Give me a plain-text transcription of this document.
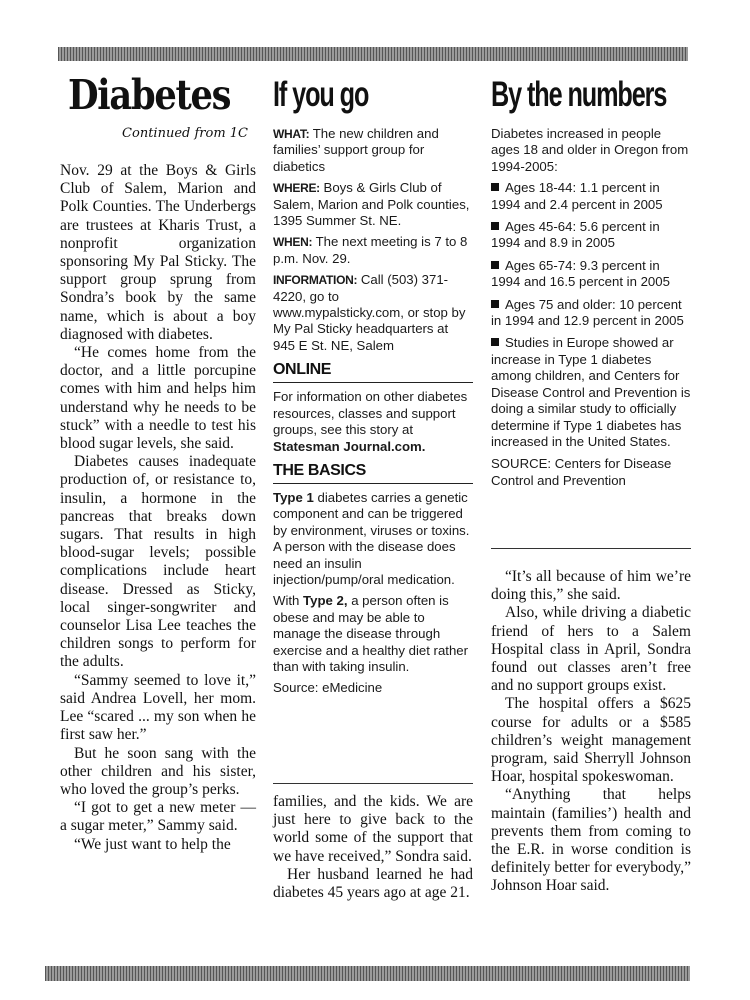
Diabetes
Continued from 1C

Nov. 29 at the Boys & Girls Club of Salem, Marion and Polk Counties. The Underbergs are trustees at Kharis Trust, a nonprofit organization sponsoring My Pal Sticky. The support group sprung from Sondra’s book by the same name, which is about a boy diagnosed with diabetes.

“He comes home from the doctor, and a little porcupine comes with him and helps him understand why he needs to be stuck” with a needle to test his blood sugar levels, she said.

Diabetes causes inadequate production of, or resistance to, insulin, a hormone in the pancreas that breaks down sugars. That results in high blood-sugar levels; possible complications include heart disease. Dressed as Sticky, local singer-songwriter and counselor Lisa Lee teaches the children songs to perform for the adults.

“Sammy seemed to love it,” said Andrea Lovell, her mom. Lee “scared ... my son when he first saw her.”

But he soon sang with the other children and his sister, who loved the group’s perks.

“I got to get a new meter — a sugar meter,” Sammy said.

“We just want to help the

If you go

WHAT: The new children and families’ support group for diabetics

WHERE: Boys & Girls Club of Salem, Marion and Polk counties, 1395 Summer St. NE.

WHEN: The next meeting is 7 to 8 p.m. Nov. 29.

INFORMATION: Call (503) 371-4220, go to www.mypalsticky.com, or stop by My Pal Sticky headquarters at 945 E St. NE, Salem

ONLINE

For information on other diabetes resources, classes and support groups, see this story at Statesman Journal.com.

THE BASICS

Type 1 diabetes carries a genetic component and can be triggered by environment, viruses or toxins. A person with the disease does need an insulin injection/pump/oral medication.

With Type 2, a person often is obese and may be able to manage the disease through exercise and a healthy diet rather than with taking insulin.

Source: eMedicine

families, and the kids. We are just here to give back to the world some of the support that we have received,” Sondra said.

Her husband learned he had diabetes 45 years ago at age 21.

By the numbers

Diabetes increased in people ages 18 and older in Oregon from 1994-2005:

Ages 18-44: 1.1 percent in 1994 and 2.4 percent in 2005
Ages 45-64: 5.6 percent in 1994 and 8.9 in 2005
Ages 65-74: 9.3 percent in 1994 and 16.5 percent in 2005
Ages 75 and older: 10 percent in 1994 and 12.9 percent in 2005
Studies in Europe showed ar increase in Type 1 diabetes among children, and Centers for Disease Control and Prevention is doing a similar study to officially determine if Type 1 diabetes has increased in the United States.

SOURCE: Centers for Disease Control and Prevention

“It’s all because of him we’re doing this,” she said.

Also, while driving a diabetic friend of hers to a Salem Hospital class in April, Sondra found out classes aren’t free and no support groups exist.

The hospital offers a $625 course for adults or a $585 children’s weight management program, said Sherryll Johnson Hoar, hospital spokeswoman.

“Anything that helps maintain (families’) health and prevents them from coming to the E.R. in worse condition is definitely better for everybody,” Johnson Hoar said.
